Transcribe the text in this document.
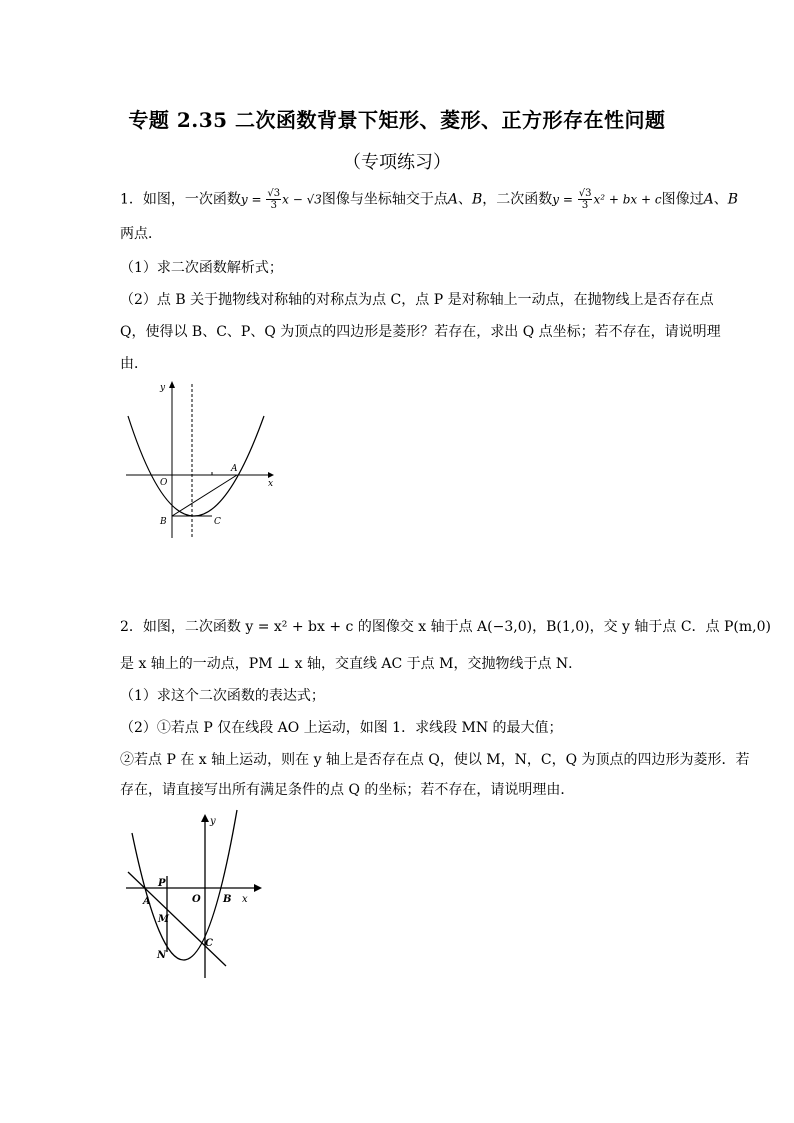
专题 2.35 二次函数背景下矩形、菱形、正方形存在性问题
（专项练习）
1．如图，一次函数$y = \frac{√3}{3}$ x − √3图像与坐标轴交于点A、B，二次函数$y = \frac{√3}{3} x^2$ + bx + c图像过A、B
两点．
（1）求二次函数解析式；
（2）点 B 关于抛物线对称轴的对称点为点 C，点 P 是对称轴上一动点，在抛物线上是否存在点
Q，使得以 B、C、P、Q 为顶点的四边形是菱形？若存在，求出 Q 点坐标；若不存在，请说明理
由．
y
x
O
A
B	C
2．如图，二次函数 y = x² + bx + c 的图像交 x 轴于点 A(−3,0)，B(1,0)，交 y 轴于点 C．点 P(m,0)
是 x 轴上的一动点，PM ⊥ x 轴，交直线 AC 于点 M，交抛物线于点 N．
（1）求这个二次函数的表达式；
（2）①若点 P 仅在线段 AO 上运动，如图 1．求线段 MN 的最大值；
②若点 P 在 x 轴上运动，则在 y 轴上是否存在点 Q，使以 M，N，C，Q 为顶点的四边形为菱形．若
存在，请直接写出所有满足条件的点 Q 的坐标；若不存在，请说明理由．
y
x
P
A	O B
M
N
C
